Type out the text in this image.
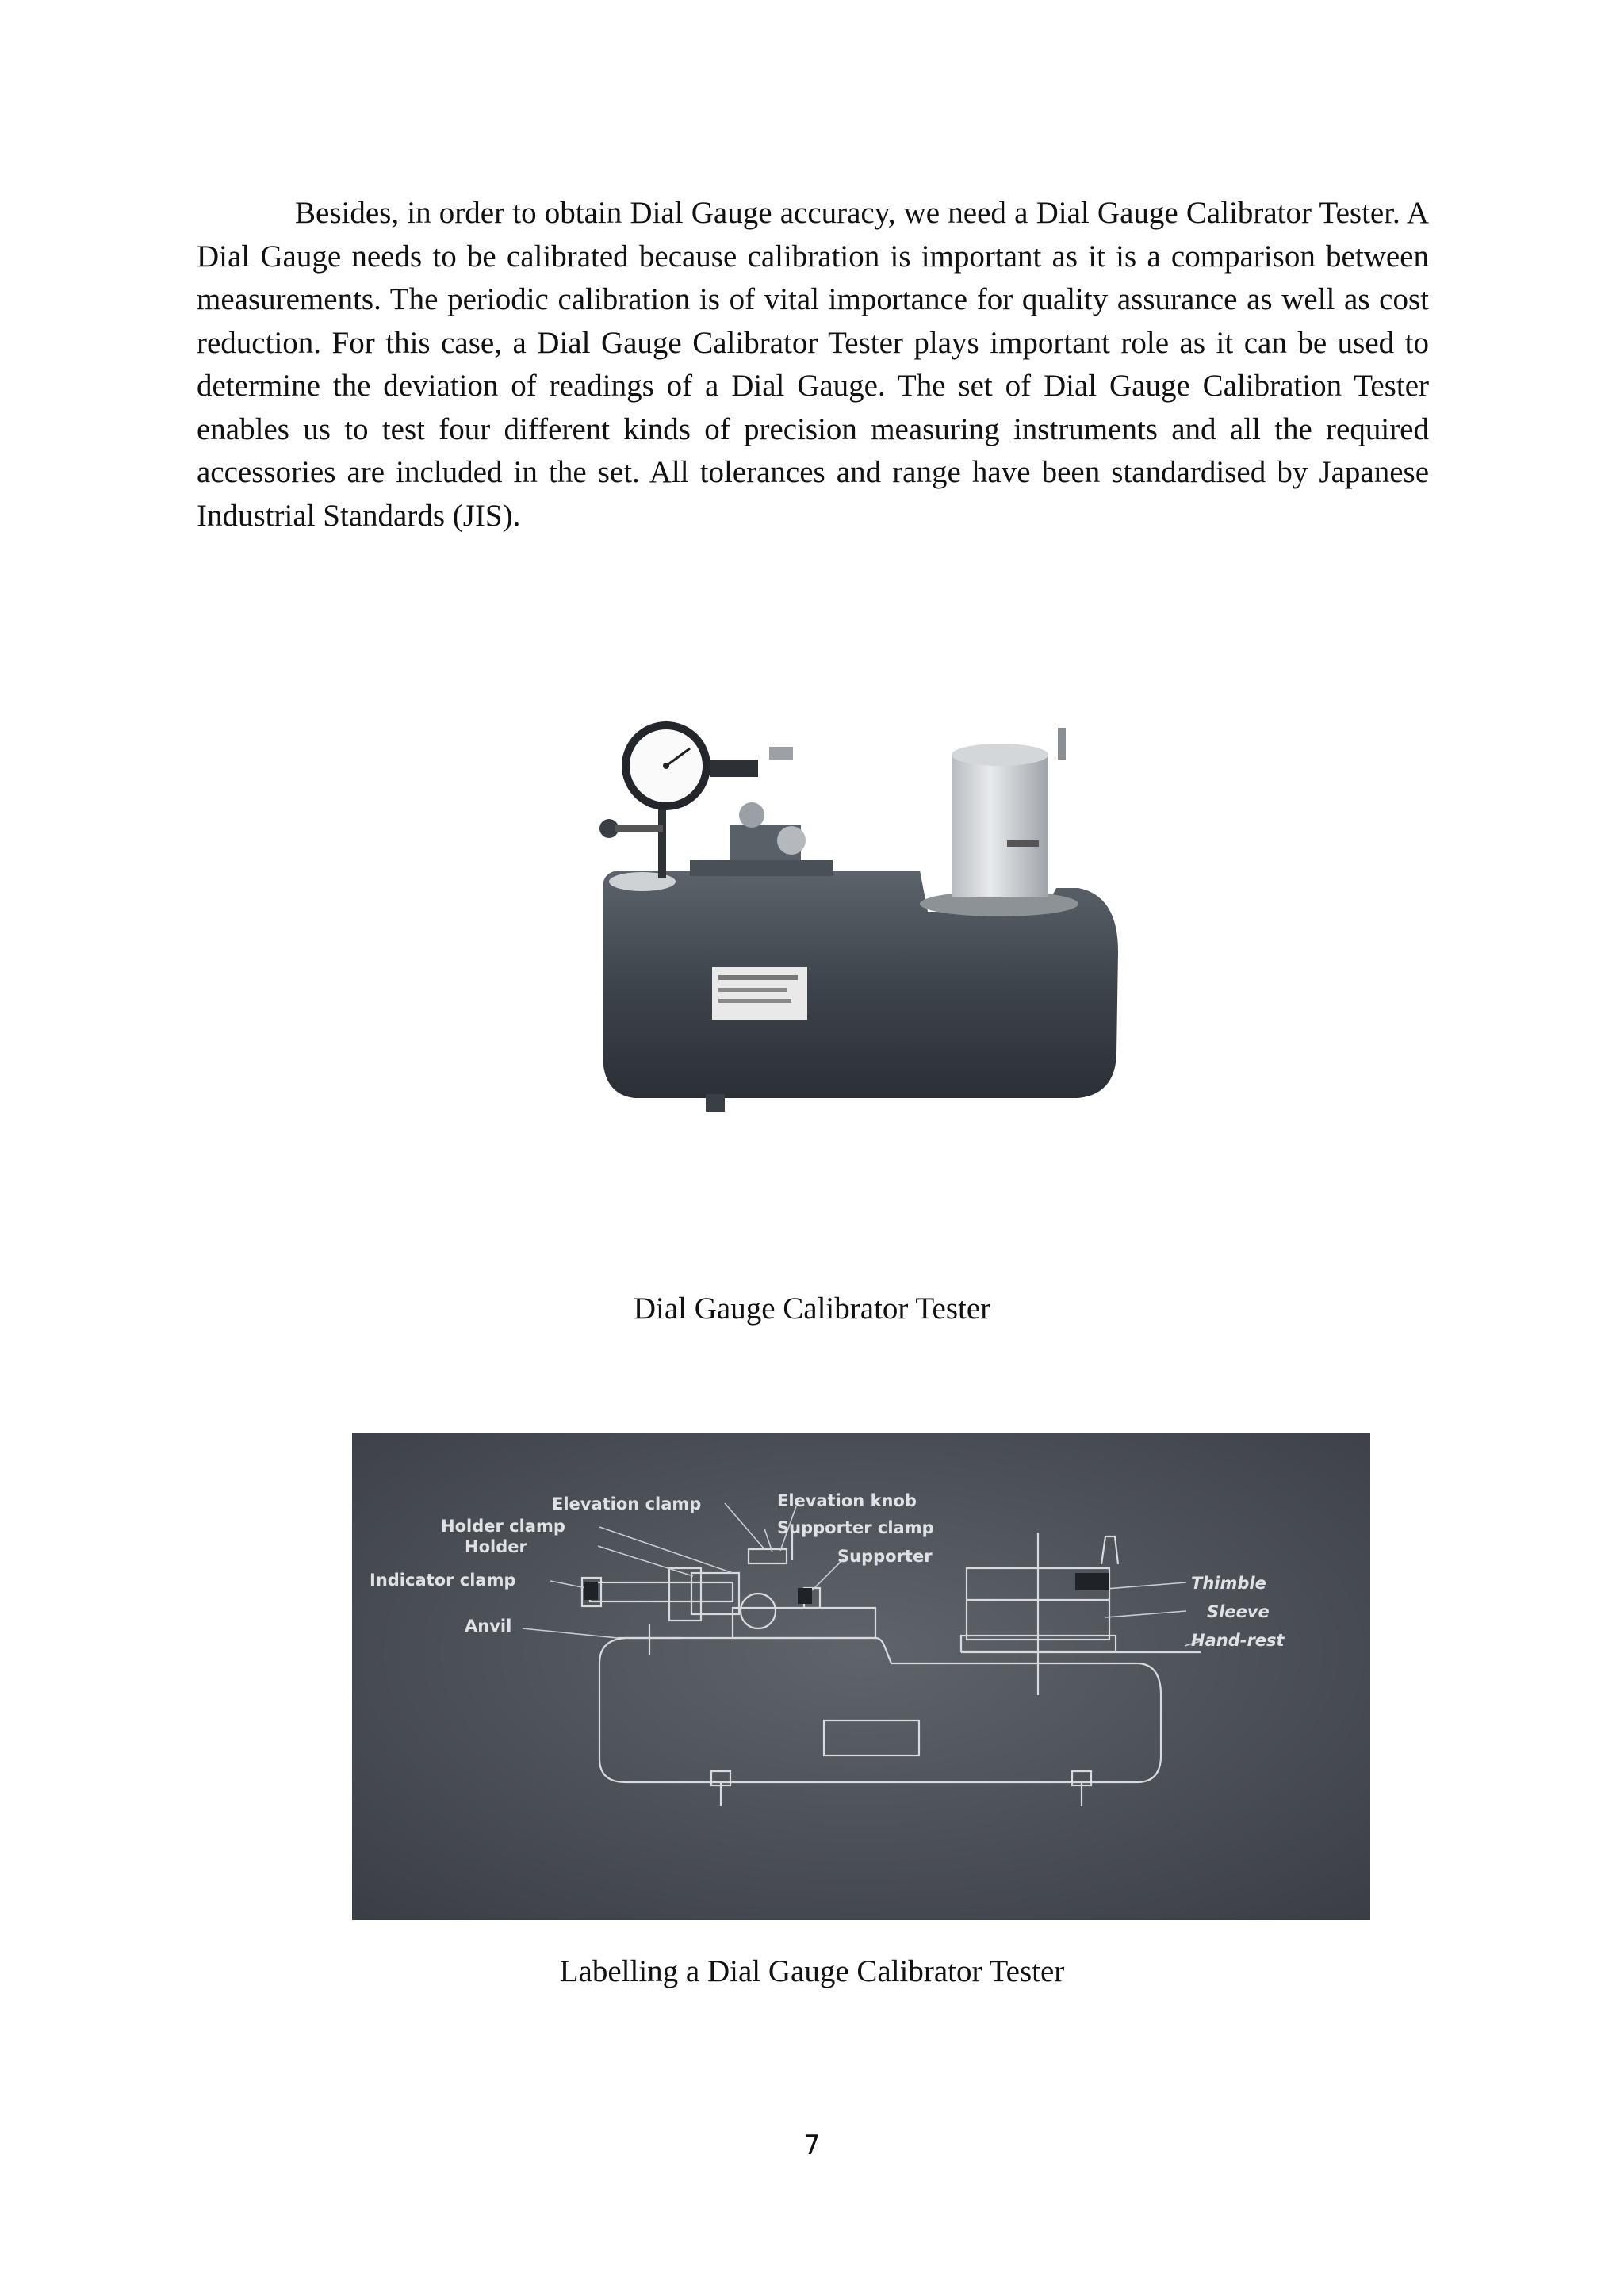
Besides, in order to obtain Dial Gauge accuracy, we need a Dial Gauge Calibrator Tester. A Dial Gauge needs to be calibrated because calibration is important as it is a comparison between measurements. The periodic calibration is of vital importance for quality assurance as well as cost reduction. For this case, a Dial Gauge Calibrator Tester plays important role as it can be used to determine the deviation of readings of a Dial Gauge. The set of Dial Gauge Calibration Tester enables us to test four different kinds of precision measuring instruments and all the required accessories are included in the set. All tolerances and range have been standardised by Japanese Industrial Standards (JIS).

Dial Gauge Calibrator Tester

Elevation clamp	Elevation knob
Holder clamp	Supporter clamp
Holder	Supporter
Indicator clamp
Anvil
Thimble
Sleeve
Hand-rest

Labelling a Dial Gauge Calibrator Tester

7
